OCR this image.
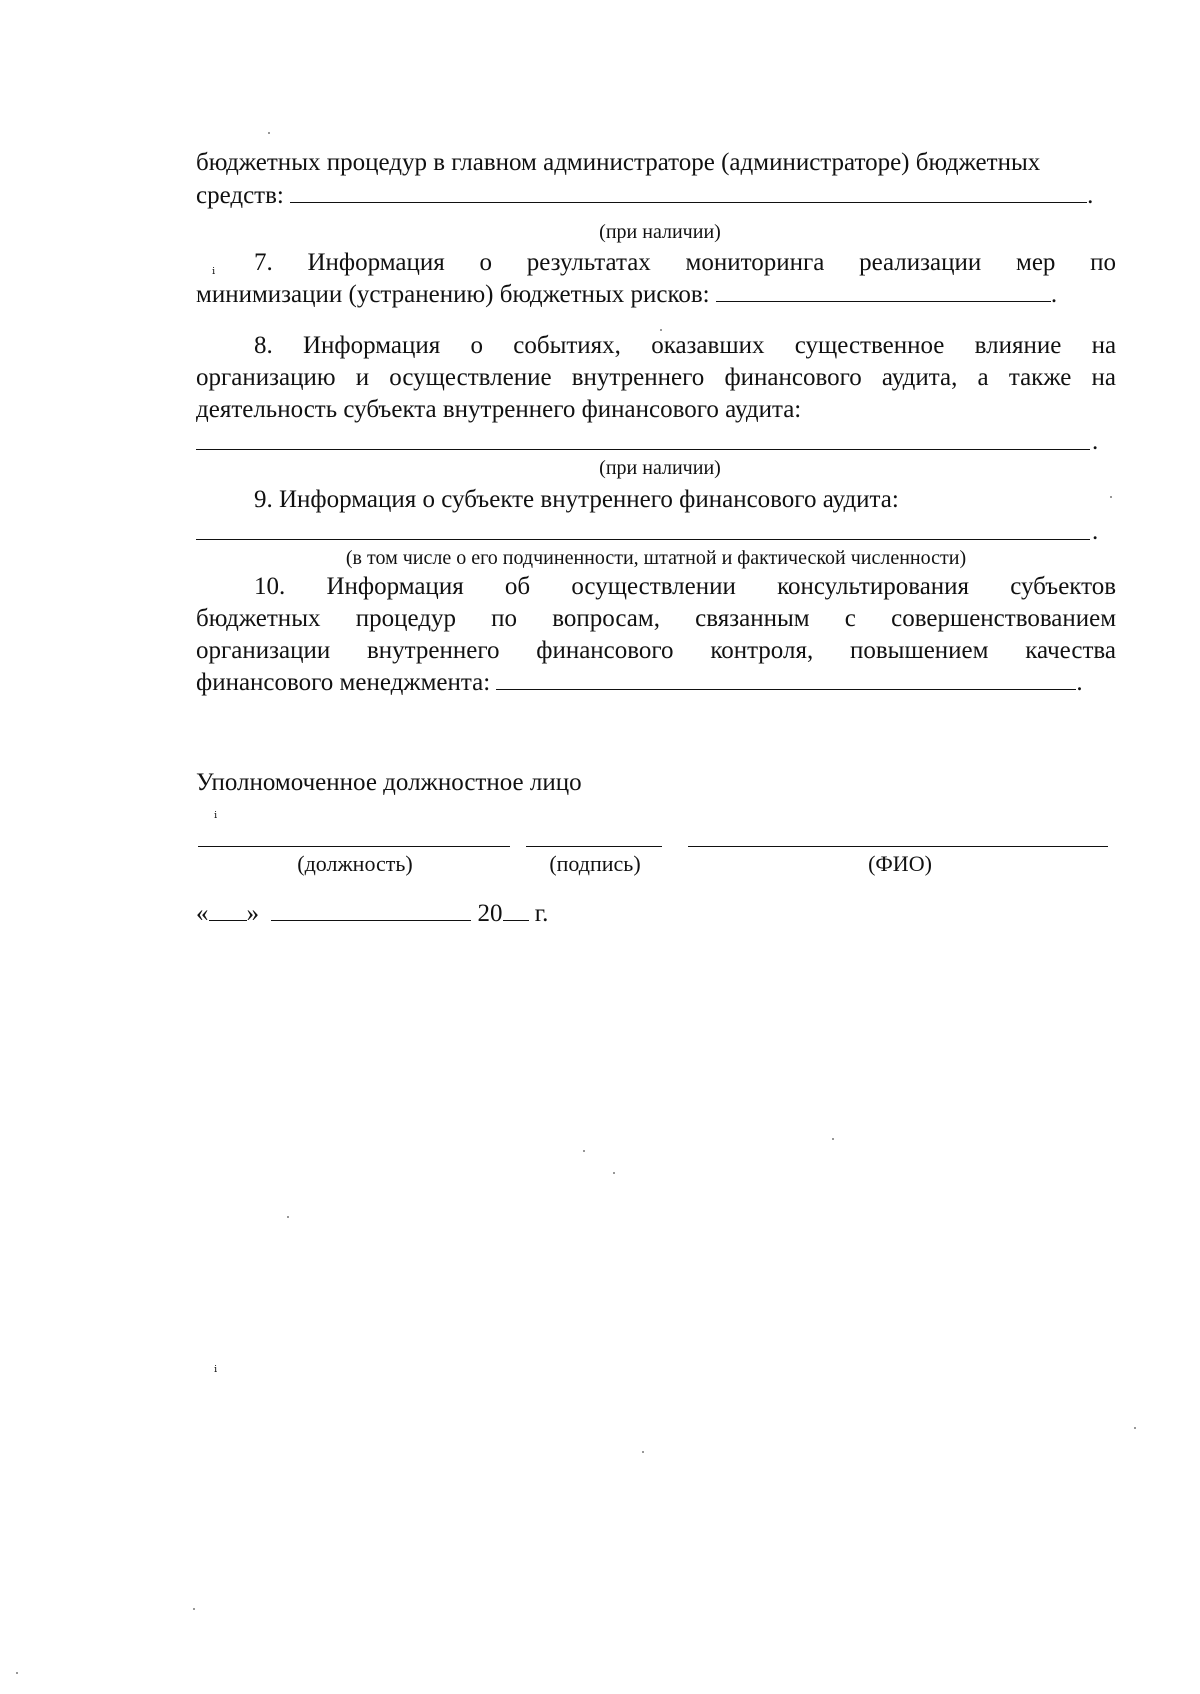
бюджетных процедур в главном администраторе (администраторе) бюджетных
средств:	.
(при наличии)
7. Информация о результатах мониторинга реализации мер по
минимизации (устранению) бюджетных рисков:	.
8. Информация о событиях, оказавших существенное влияние на
организацию и осуществление внутреннего финансового аудита, а также на
деятельность субъекта внутреннего финансового аудита:
.
(при наличии)
9. Информация о субъекте внутреннего финансового аудита:
.
(в том числе о его подчиненности, штатной и фактической численности)
10. Информация об осуществлении консультирования субъектов
бюджетных процедур по вопросам, связанным с совершенствованием
организации внутреннего финансового контроля, повышением качества
финансового менеджмента:	.
Уполномоченное должностное лицо
ⁱ
(должность)	(подпись)	(ФИО)
« »	20 г.
ⁱ
ⁱ
